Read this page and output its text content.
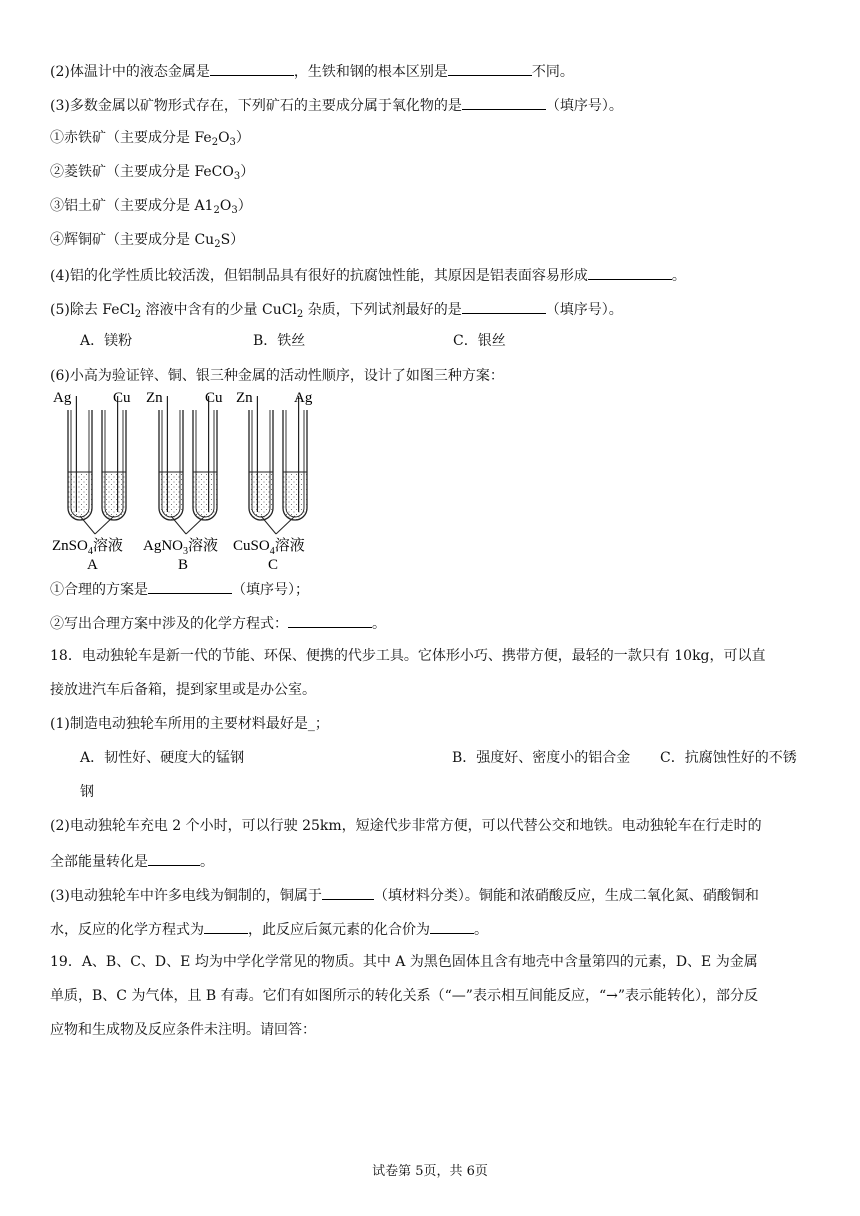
(2)体温计中的液态金属是	，生铁和钢的根本区别是	不同。
(3)多数金属以矿物形式存在，下列矿石的主要成分属于氧化物的是	（填序号）。
①赤铁矿（主要成分是 $Fe_2O_3$）
②菱铁矿（主要成分是 FeCO$_3$）
③铝土矿（主要成分是 $A1_2O_3$）
④辉铜矿（主要成分是 $Cu_2S$）
(4)铝的化学性质比较活泼，但铝制品具有很好的抗腐蚀性能，其原因是铝表面容易形成	。
(5)除去 FeCl$_2$ 溶液中含有的少量 CuCl$_2$ 杂质，下列试剂最好的是	（填序号）。
A．镁粉	B．铁丝	C．银丝
(6)小高为验证锌、铜、银三种金属的活动性顺序，设计了如图三种方案：
Ag	Cu
ZnSO$_4$溶液
A
Zn	Cu
AgNO$_3$溶液
B
Zn	Ag
CuSO$_4$溶液
C
①合理的方案是	（填序号）；
②写出合理方案中涉及的化学方程式：	。
18．电动独轮车是新一代的节能、环保、便携的代步工具。它体形小巧、携带方便，最轻的一款只有 10kg，可以直
接放进汽车后备箱，提到家里或是办公室。
(1)制造电动独轮车所用的主要材料最好是_；
A．韧性好、硬度大的锰钢	B．强度好、密度小的铝合金 C．抗腐蚀性好的不锈
钢
(2)电动独轮车充电 2 个小时，可以行驶 25km，短途代步非常方便，可以代替公交和地铁。电动独轮车在行走时的
全部能量转化是	。
(3)电动独轮车中许多电线为铜制的，铜属于	（填材料分类）。铜能和浓硝酸反应，生成二氧化氮、硝酸铜和
水，反应的化学方程式为	，此反应后氮元素的化合价为	。
19．A、B、C、D、E 均为中学化学常见的物质。其中 A 为黑色固体且含有地壳中含量第四的元素，D、E 为金属
单质，B、C 为气体，且 B 有毒。它们有如图所示的转化关系（“—”表示相互间能反应，“→”表示能转化），部分反
应物和生成物及反应条件未注明。请回答：
试卷第 5页，共 6页
